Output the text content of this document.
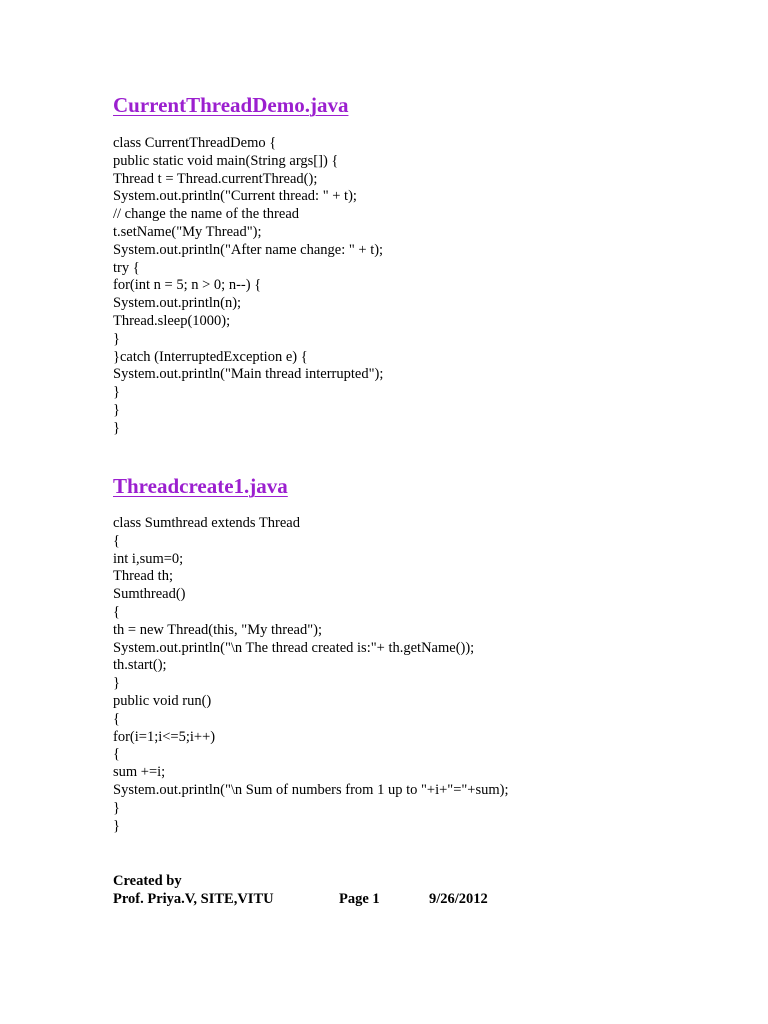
CurrentThreadDemo.java
class CurrentThreadDemo {
public static void main(String args[]) {
Thread t = Thread.currentThread();
System.out.println("Current thread: " + t);
// change the name of the thread
t.setName("My Thread");
System.out.println("After name change: " + t);
try {
for(int n = 5; n > 0; n--) {
System.out.println(n);
Thread.sleep(1000);
}
}catch (InterruptedException e) {
System.out.println("Main thread interrupted");
}
}
}
Threadcreate1.java
class Sumthread extends Thread
{
int i,sum=0;
Thread th;
Sumthread()
{
th = new Thread(this, "My thread");
System.out.println("\n The thread created is:"+ th.getName());
th.start();
}
public void run()
{
for(i=1;i<=5;i++)
{
sum +=i;
System.out.println("\n Sum of numbers from 1 up to "+i+"="+sum);
}
}
Created by
Prof. Priya.V, SITE,VITU	Page 1	9/26/2012
